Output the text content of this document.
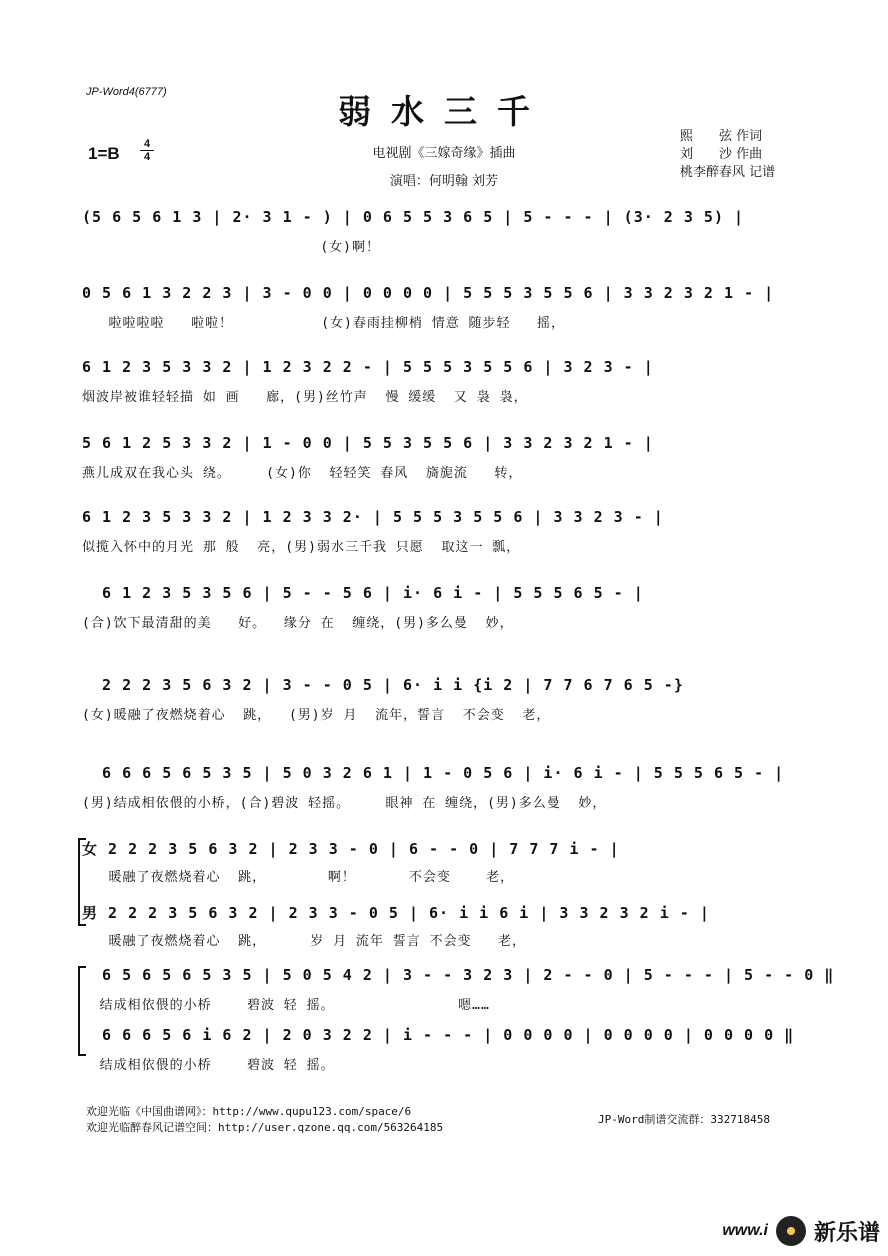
JP-Word4(6777)	弱水三千
1=B	4
4	电视剧《三嫁奇缘》插曲
演唱：何明翰 刘芳
熙　　弦 作词
刘　　沙 作曲
桃李醉春风 记谱
(5 6 5 6 1 3 | 2· 3 1 - ) | 0 6 5 5 3 6 5 | 5 - - - | (3· 2 3 5) |
(女)啊！
0 5 6 1 3 2 2 3 | 3 - 0 0 | 0 0 0 0 | 5 5 5 3 5 5 6 | 3 3 2 3 2 1 - |
啦啦啦啦   啦啦！          (女)春雨挂柳梢 情意 随步轻   摇，
6 1 2 3 5 3 3 2 | 1 2 3 2 2 - | 5 5 5 3 5 5 6 | 3 2 3 - |
烟波岸被谁轻轻描 如 画   廊，(男)丝竹声  慢 缓缓  又 袅 袅，
5 6 1 2 5 3 3 2 | 1 - 0 0 | 5 5 3 5 5 6 | 3 3 2 3 2 1 - |
燕儿成双在我心头 绕。    (女)你  轻轻笑 春风  旖旎流   转，
6 1 2 3 5 3 3 2 | 1 2 3 3 2· | 5 5 5 3 5 5 6 | 3 3 2 3 - |
似揽入怀中的月光 那 般  亮，(男)弱水三千我 只愿  取这一 瓢，
6 1 2 3 5 3 5 6 | 5 - - 5 6 | i· 6 i - | 5 5 5 6 5 - |
(合)饮下最清甜的美   好。  缘分 在  缠绕，(男)多么曼  妙，
2 2 2 3 5 6 3 2 | 3 - - 0 5 | 6· i i {i 2 | 7 7 6 7 6 5 -}
(女)暖融了夜燃烧着心  跳，  (男)岁 月  流年，誓言  不会变  老，
6 6 6 5 6 5 3 5 | 5 0 3 2 6 1 | 1 - 0 5 6 | i· 6 i - | 5 5 5 6 5 - |
(男)结成相依偎的小桥，(合)碧波 轻摇。    眼神 在 缠绕，(男)多么曼  妙，
女 2 2 2 3 5 6 3 2 | 2 3 3 - 0 | 6 - - 0 | 7 7 7 i - |
暖融了夜燃烧着心  跳，       啊！      不会变    老，
男 2 2 2 3 5 6 3 2 | 2 3 3 - 0 5 | 6· i i 6 i | 3 3 2 3 2 i - |
暖融了夜燃烧着心  跳，     岁 月 流年 誓言 不会变   老，
6 5 6 5 6 5 3 5 | 5 0 5 4 2 | 3 - - 3 2 3 | 2 - - 0 | 5 - - - | 5 - - 0 ‖
结成相依偎的小桥    碧波 轻 摇。              嗯……
6 6 6 5 6 i 6 2 | 2 0 3 2 2 | i - - - | 0 0 0 0 | 0 0 0 0 | 0 0 0 0 ‖
结成相依偎的小桥    碧波 轻 摇。
欢迎光临《中国曲谱网》：http://www.qupu123.com/space/6
欢迎光临醉春风记谱空间：http://user.qzone.qq.com/563264185
JP-Word制谱交流群：332718458
www.i 新乐谱
